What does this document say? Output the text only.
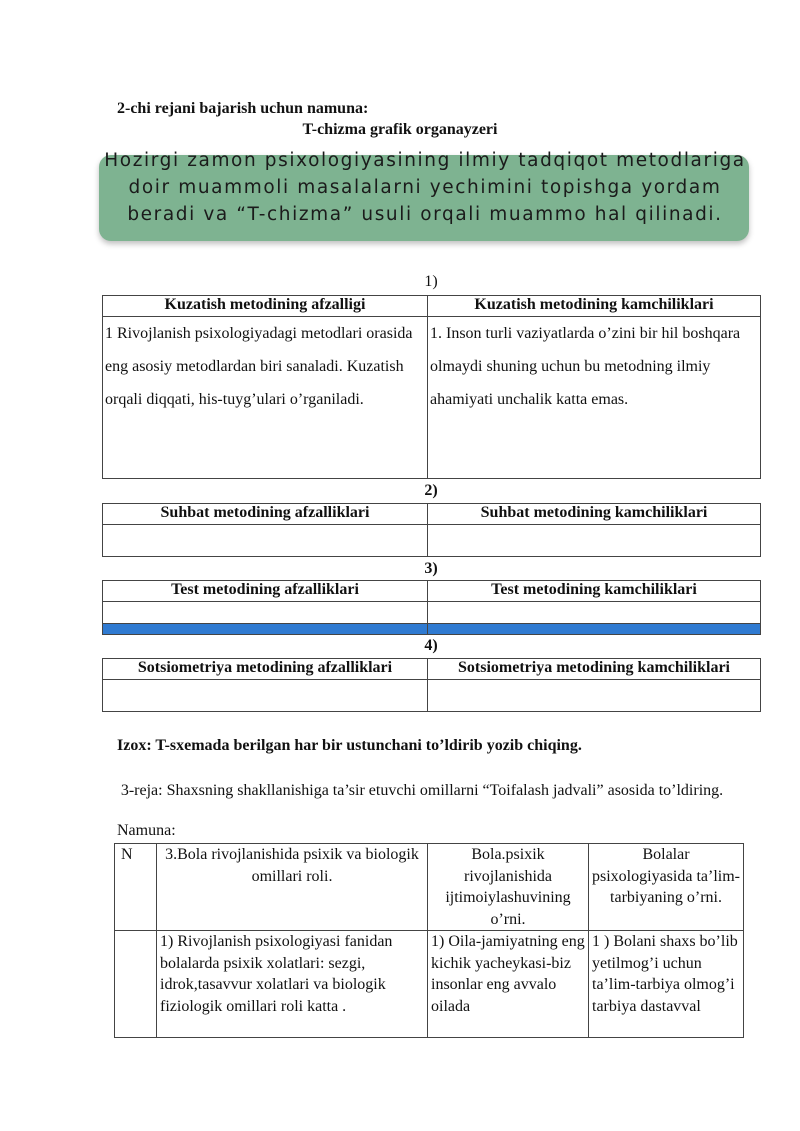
2-chi rejani bajarish uchun namuna:
T-chizma grafik organayzeri
Hozirgi zamon psixologiyasining ilmiy tadqiqot metodlariga doir muammoli masalalarni yechimini topishga yordam beradi va “T-chizma” usuli orqali muammo hal qilinadi.
1)
Kuzatish metodining afzalligi	Kuzatish metodining kamchiliklari
1 Rivojlanish psixologiyadagi metodlari orasida eng asosiy metodlardan biri sanaladi. Kuzatish orqali diqqati, his-tuyg’ulari o’rganiladi.	1. Inson turli vaziyatlarda o’zini bir hil boshqara olmaydi shuning uchun bu metodning ilmiy ahamiyati unchalik katta emas.
2)
Suhbat metodining afzalliklari	Suhbat metodining kamchiliklari

3)
Test metodining afzalliklari	Test metodining kamchiliklari

4)
Sotsiometriya metodining afzalliklari	Sotsiometriya metodining kamchiliklari

Izox: T-sxemada berilgan har bir ustunchani to’ldirib yozib chiqing.
3-reja: Shaxsning shakllanishiga ta’sir etuvchi omillarni “Toifalash jadvali” asosida to’ldiring.
Namuna:
N	3.Bola rivojlanishida psixik va biologik omillari roli.	Bola.psixik rivojlanishida ijtimoiylashuvining o’rni.	Bolalar psixologiyasida ta’lim-tarbiyaning o’rni.
	1) Rivojlanish psixologiyasi fanidan bolalarda psixik xolatlari: sezgi, idrok,tasavvur xolatlari va biologik fiziologik omillari roli katta .	1) Oila-jamiyatning eng kichik yacheykasi-biz insonlar eng avvalo oilada	1 ) Bolani shaxs bo’lib yetilmog’i uchun ta’lim-tarbiya olmog’i tarbiya dastavval
